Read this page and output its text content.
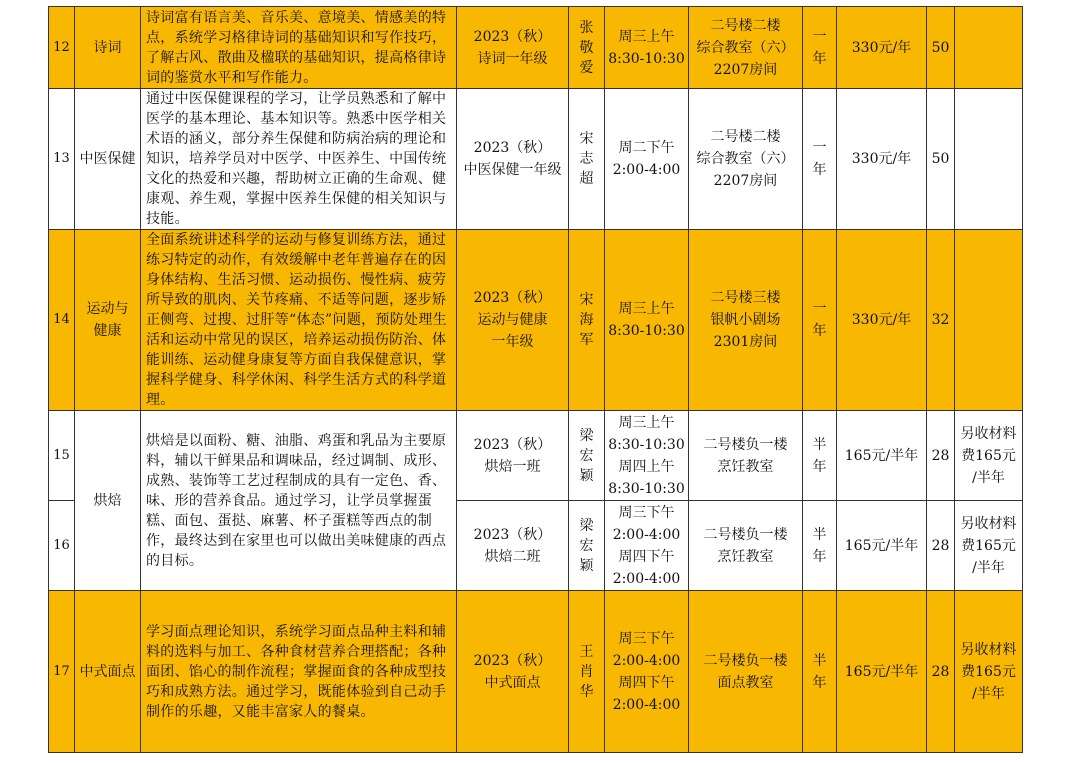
12	诗词	诗词富有语言美、音乐美、意境美、情感美的特点，系统学习格律诗词的基础知识和写作技巧，了解古风、散曲及楹联的基础知识，提高格律诗词的鉴赏水平和写作能力。	2023（秋）
诗词一年级	张敬爱	周三上午
8:30-10:30	二号楼二楼
综合教室（六）
2207房间	一年	330元/年	50	
13	中医保健	通过中医保健课程的学习，让学员熟悉和了解中医学的基本理论、基本知识等。熟悉中医学相关术语的涵义，部分养生保健和防病治病的理论和知识，培养学员对中医学、中医养生、中国传统文化的热爱和兴趣，帮助树立正确的生命观、健康观、养生观，掌握中医养生保健的相关知识与技能。	2023（秋）
中医保健一年级	宋志超	周二下午
2:00-4:00	二号楼二楼
综合教室（六）
2207房间	一年	330元/年	50	
14	运动与
健康	全面系统讲述科学的运动与修复训练方法，通过练习特定的动作，有效缓解中老年普遍存在的因身体结构、生活习惯、运动损伤、慢性病、疲劳所导致的肌肉、关节疼痛、不适等问题，逐步矫正侧弯、过搜、过肝等“体态”问题，预防处理生活和运动中常见的误区，培养运动损伤防治、体能训练、运动健身康复等方面自我保健意识，掌握科学健身、科学休闲、科学生活方式的科学道理。	2023（秋）
运动与健康
一年级	宋海军	周三上午
8:30-10:30	二号楼三楼
银帆小剧场
2301房间	一年	330元/年	32	
15	烘焙	烘焙是以面粉、糖、油脂、鸡蛋和乳品为主要原料，辅以干鲜果品和调味品，经过调制、成形、成熟、装饰等工艺过程制成的具有一定色、香、味、形的营养食品。通过学习，让学员掌握蛋糕、面包、蛋挞、麻薯、杯子蛋糕等西点的制作，最终达到在家里也可以做出美味健康的西点的目标。	2023（秋）
烘焙一班	梁宏颖	周三上午
8:30-10:30
周四上午
8:30-10:30	二号楼负一楼
烹饪教室	半年	165元/半年	28	另收材料
费165元
/半年
16			2023（秋）
烘焙二班	梁宏颖	周三下午
2:00-4:00
周四下午
2:00-4:00	二号楼负一楼
烹饪教室	半年	165元/半年	28	另收材料
费165元
/半年
17	中式面点	学习面点理论知识，系统学习面点品种主料和辅料的选料与加工、各种食材营养合理搭配；各种面团、馅心的制作流程；掌握面食的各种成型技巧和成熟方法。通过学习，既能体验到自己动手制作的乐趣，又能丰富家人的餐桌。	2023（秋）
中式面点	王肖华	周三下午
2:00-4:00
周四下午
2:00-4:00	二号楼负一楼
面点教室	半年	165元/半年	28	另收材料
费165元
/半年
